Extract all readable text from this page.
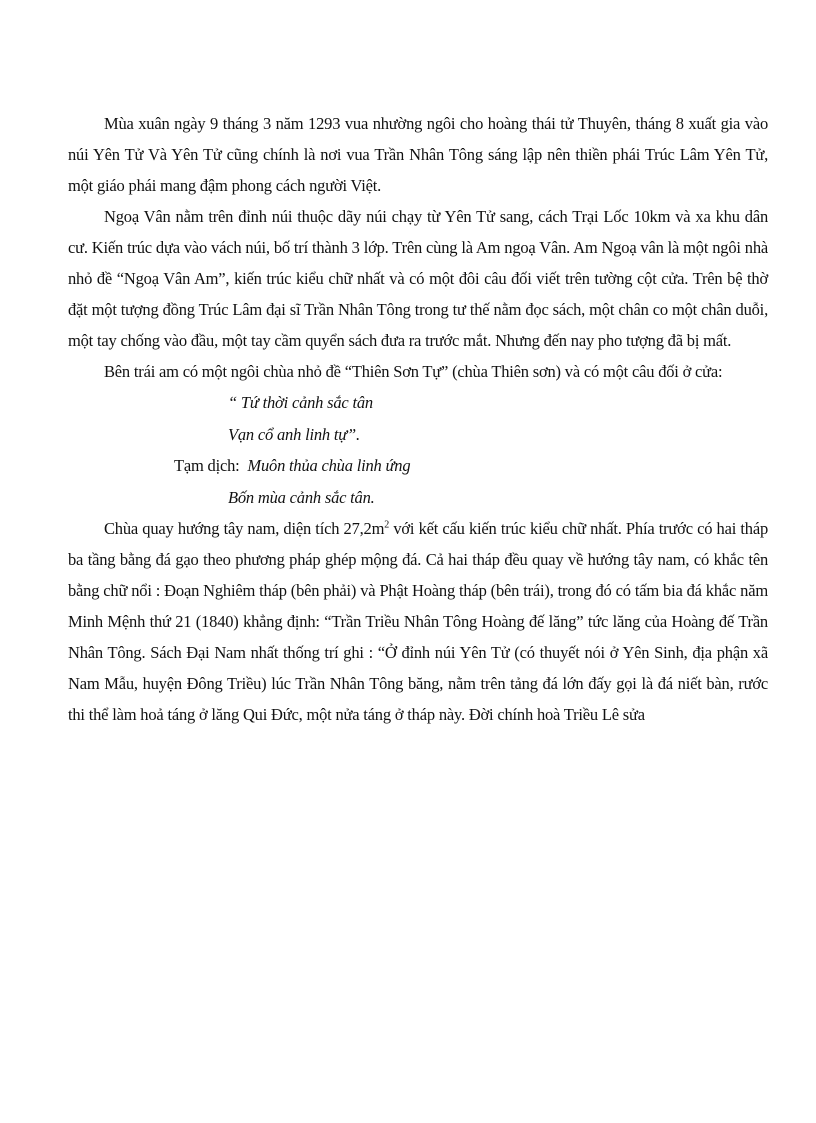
Mùa xuân ngày 9 tháng 3 năm 1293 vua nhường ngôi cho hoàng thái tử Thuyên, tháng 8 xuất gia vào núi Yên Tử Và Yên Tử cũng chính là nơi vua Trần Nhân Tông sáng lập nên thiền phái Trúc Lâm Yên Tử, một giáo phái mang đậm phong cách người Việt.

Ngoạ Vân nằm trên đỉnh núi thuộc dãy núi chạy từ Yên Tử sang, cách Trại Lốc 10km và xa khu dân cư. Kiến trúc dựa vào vách núi, bố trí thành 3 lớp. Trên cùng là Am ngoạ Vân. Am Ngoạ vân là một ngôi nhà nhỏ đề “Ngoạ Vân Am”, kiến trúc kiểu chữ nhất và có một đôi câu đối viết trên tường cột cửa. Trên bệ thờ đặt một tượng đồng Trúc Lâm đại sĩ Trần Nhân Tông trong tư thế nằm đọc sách, một chân co một chân duỗi, một tay chống vào đầu, một tay cầm quyển sách đưa ra trước mắt. Nhưng đến nay pho tượng đã bị mất.

Bên trái am có một ngôi chùa nhỏ đề “Thiên Sơn Tự” (chùa Thiên sơn) và có một câu đối ở cửa:

“ Tứ thời cảnh sắc tân
Vạn cổ anh linh tự”.
Tạm dịch: Muôn thủa chùa linh ứng
Bốn mùa cảnh sắc tân.

Chùa quay hướng tây nam, diện tích $27,2m^2$ với kết cấu kiến trúc kiểu chữ nhất. Phía trước có hai tháp ba tầng bằng đá gạo theo phương pháp ghép mộng đá. Cả hai tháp đều quay về hướng tây nam, có khắc tên bằng chữ nổi : Đoạn Nghiêm tháp (bên phải) và Phật Hoàng tháp (bên trái), trong đó có tấm bia đá khắc năm Minh Mệnh thứ 21 (1840) khẳng định: “Trần Triều Nhân Tông Hoàng đế lăng” tức lăng của Hoàng đế Trần Nhân Tông. Sách Đại Nam nhất thống trí ghi : “Ở đỉnh núi Yên Tử (có thuyết nói ở Yên Sinh, địa phận xã Nam Mẫu, huyện Đông Triều) lúc Trần Nhân Tông băng, nằm trên tảng đá lớn đấy gọi là đá niết bàn, rước thi thể làm hoả táng ở lăng Qui Đức, một nửa táng ở tháp này. Đời chính hoà Triều Lê sửa
